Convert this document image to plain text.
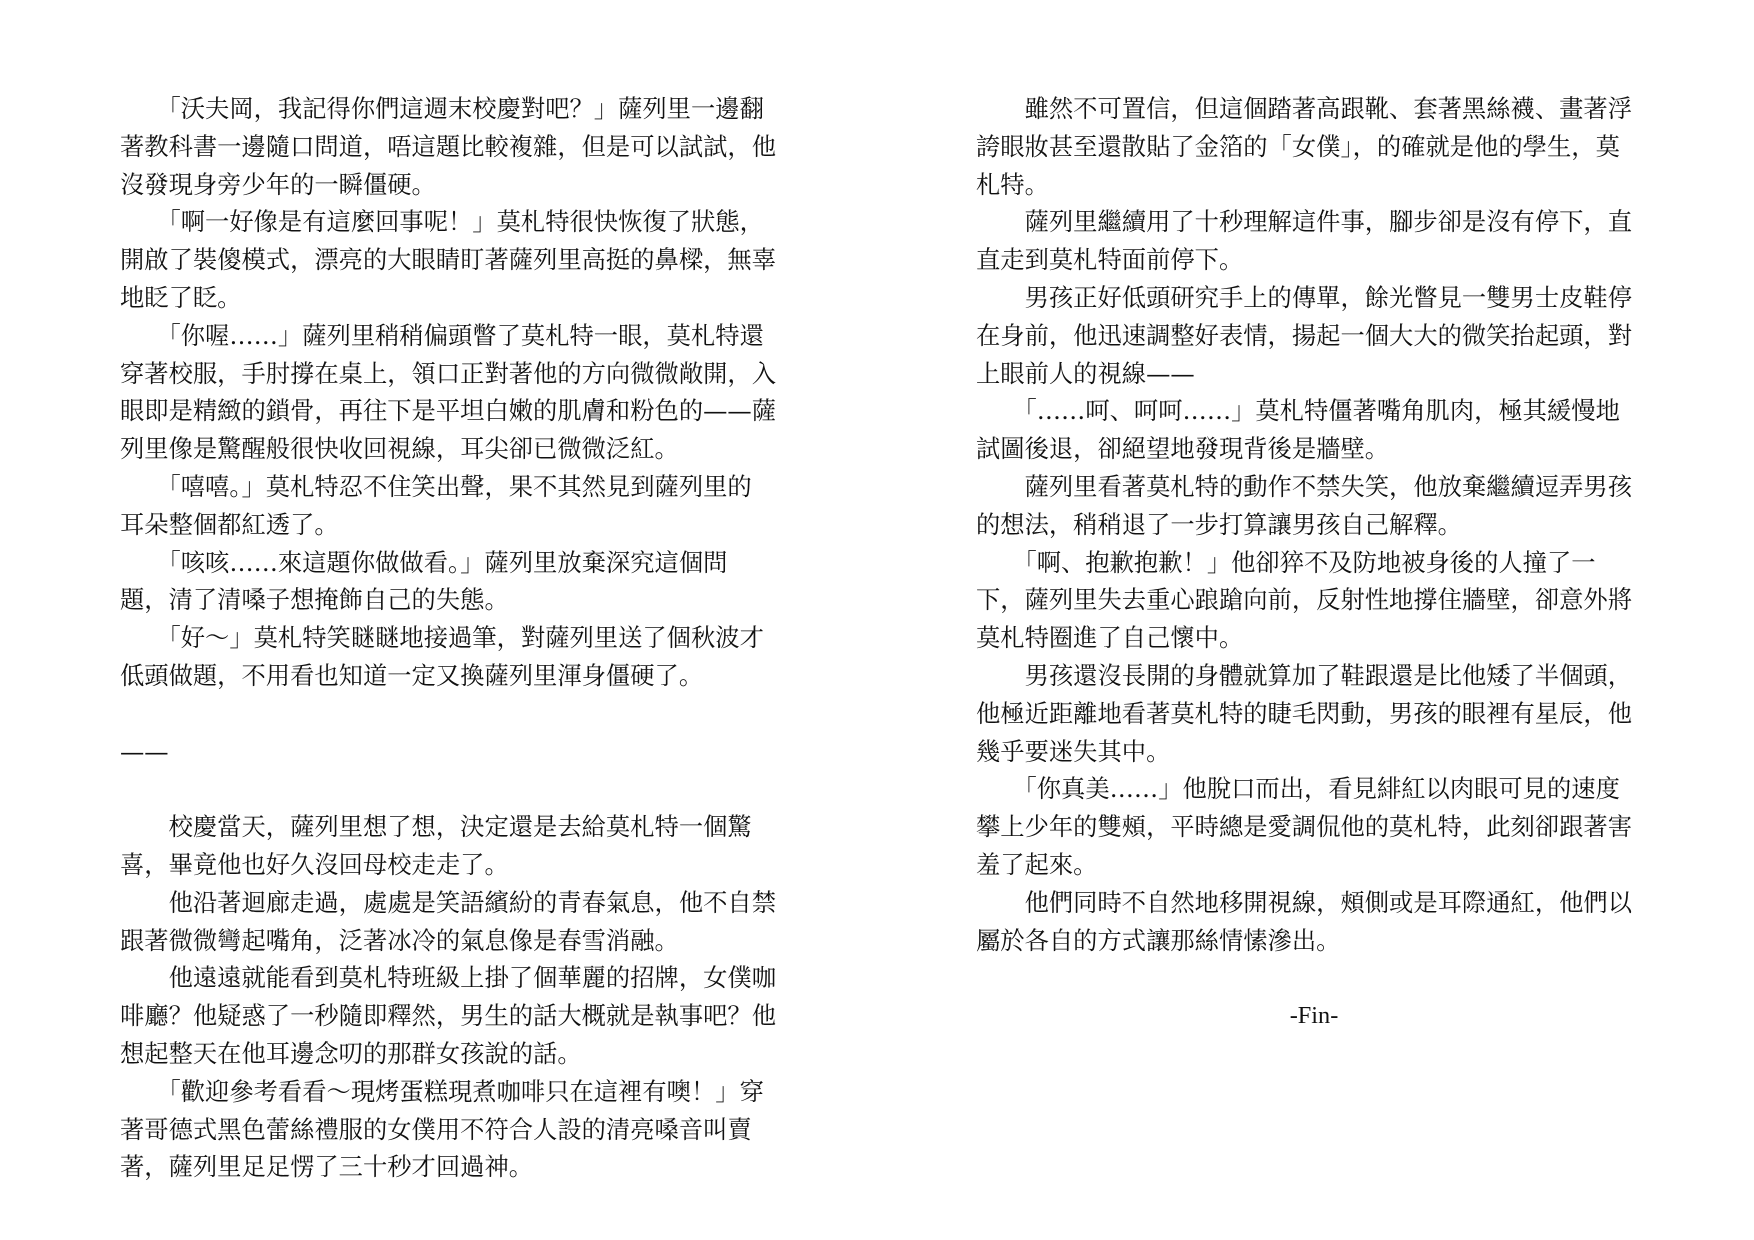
　　「沃夫岡，我記得你們這週末校慶對吧？」薩列里一邊翻
著教科書一邊隨口問道，唔這題比較複雜，但是可以試試，他
沒發現身旁少年的一瞬僵硬。

　　「啊一好像是有這麼回事呢！」莫札特很快恢復了狀態，
開啟了裝傻模式，漂亮的大眼睛盯著薩列里高挺的鼻樑，無辜
地眨了眨。

　　「你喔……」薩列里稍稍偏頭瞥了莫札特一眼，莫札特還
穿著校服，手肘撐在桌上，領口正對著他的方向微微敞開，入
眼即是精緻的鎖骨，再往下是平坦白嫩的肌膚和粉色的——薩
列里像是驚醒般很快收回視線，耳尖卻已微微泛紅。

　　「嘻嘻。」莫札特忍不住笑出聲，果不其然見到薩列里的
耳朵整個都紅透了。

　　「咳咳……來這題你做做看。」薩列里放棄深究這個問
題，清了清嗓子想掩飾自己的失態。

　　「好～」莫札特笑瞇瞇地接過筆，對薩列里送了個秋波才
低頭做題，不用看也知道一定又換薩列里渾身僵硬了。

——

　　校慶當天，薩列里想了想，決定還是去給莫札特一個驚
喜，畢竟他也好久沒回母校走走了。

　　他沿著迴廊走過，處處是笑語繽紛的青春氣息，他不自禁
跟著微微彎起嘴角，泛著冰冷的氣息像是春雪消融。

　　他遠遠就能看到莫札特班級上掛了個華麗的招牌，女僕咖
啡廳？他疑惑了一秒隨即釋然，男生的話大概就是執事吧？他
想起整天在他耳邊念叨的那群女孩說的話。

　　「歡迎參考看看～現烤蛋糕現煮咖啡只在這裡有噢！」穿
著哥德式黑色蕾絲禮服的女僕用不符合人設的清亮嗓音叫賣
著，薩列里足足愣了三十秒才回過神。

　　雖然不可置信，但這個踏著高跟靴、套著黑絲襪、畫著浮
誇眼妝甚至還散貼了金箔的「女僕」，的確就是他的學生，莫
札特。

　　薩列里繼續用了十秒理解這件事，腳步卻是沒有停下，直
直走到莫札特面前停下。

　　男孩正好低頭研究手上的傳單，餘光瞥見一雙男士皮鞋停
在身前，他迅速調整好表情，揚起一個大大的微笑抬起頭，對
上眼前人的視線——

　　「……呵、呵呵……」莫札特僵著嘴角肌肉，極其緩慢地
試圖後退，卻絕望地發現背後是牆壁。

　　薩列里看著莫札特的動作不禁失笑，他放棄繼續逗弄男孩
的想法，稍稍退了一步打算讓男孩自己解釋。

　　「啊、抱歉抱歉！」他卻猝不及防地被身後的人撞了一
下，薩列里失去重心踉蹌向前，反射性地撐住牆壁，卻意外將
莫札特圈進了自己懷中。

　　男孩還沒長開的身體就算加了鞋跟還是比他矮了半個頭，
他極近距離地看著莫札特的睫毛閃動，男孩的眼裡有星辰，他
幾乎要迷失其中。

　　「你真美……」他脫口而出，看見緋紅以肉眼可見的速度
攀上少年的雙頰，平時總是愛調侃他的莫札特，此刻卻跟著害
羞了起來。

　　他們同時不自然地移開視線，頰側或是耳際通紅，他們以
屬於各自的方式讓那絲情愫滲出。

-Fin-
